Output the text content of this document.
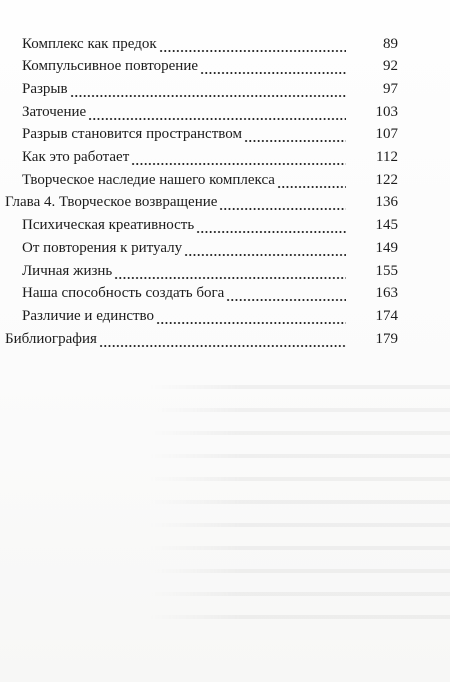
Комплекс как предок	89
Компульсивное повторение	92
Разрыв	97
Заточение	103
Разрыв становится пространством	107
Как это работает	112
Творческое наследие нашего комплекса	122
Глава 4. Творческое возвращение	136
Психическая креативность	145
От повторения к ритуалу	149
Личная жизнь	155
Наша способность создать бога	163
Различие и единство	174
Библиография	179
